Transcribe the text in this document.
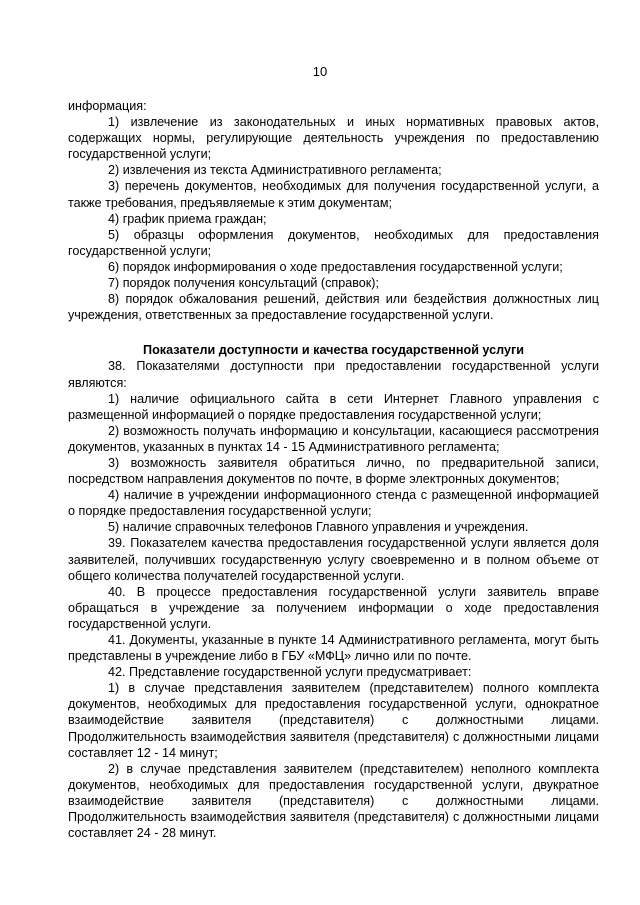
10

информация:

1) извлечение из законодательных и иных нормативных правовых актов, содержащих нормы, регулирующие деятельность учреждения по предоставлению государственной услуги;

2) извлечения из текста Административного регламента;

3) перечень документов, необходимых для получения государственной услуги, а также требования, предъявляемые к этим документам;

4) график приема граждан;

5) образцы оформления документов, необходимых для предоставления государственной услуги;

6) порядок информирования о ходе предоставления государственной услуги;

7) порядок получения консультаций (справок);

8) порядок обжалования решений, действия или бездействия должностных лиц учреждения, ответственных за предоставление государственной услуги.

Показатели доступности и качества государственной услуги

38. Показателями доступности при предоставлении государственной услуги являются:

1) наличие официального сайта в сети Интернет Главного управления с размещенной информацией о порядке предоставления государственной услуги;

2) возможность получать информацию и консультации, касающиеся рассмотрения документов, указанных в пунктах 14 - 15 Административного регламента;

3) возможность заявителя обратиться лично, по предварительной записи, посредством направления документов по почте, в форме электронных документов;

4) наличие в учреждении информационного стенда с размещенной информацией о порядке предоставления государственной услуги;

5) наличие справочных телефонов Главного управления и учреждения.

39. Показателем качества предоставления государственной услуги является доля заявителей, получивших государственную услугу своевременно и в полном объеме от общего количества получателей государственной услуги.

40. В процессе предоставления государственной услуги заявитель вправе обращаться в учреждение за получением информации о ходе предоставления государственной услуги.

41. Документы, указанные в пункте 14 Административного регламента, могут быть представлены в учреждение либо в ГБУ «МФЦ» лично или по почте.

42. Представление государственной услуги предусматривает:

1) в случае представления заявителем (представителем) полного комплекта документов, необходимых для предоставления государственной услуги, однократное взаимодействие заявителя (представителя) с должностными лицами. Продолжительность взаимодействия заявителя (представителя) с должностными лицами составляет 12 - 14 минут;

2) в случае представления заявителем (представителем) неполного комплекта документов, необходимых для предоставления государственной услуги, двукратное взаимодействие заявителя (представителя) с должностными лицами. Продолжительность взаимодействия заявителя (представителя) с должностными лицами составляет 24 - 28 минут.
